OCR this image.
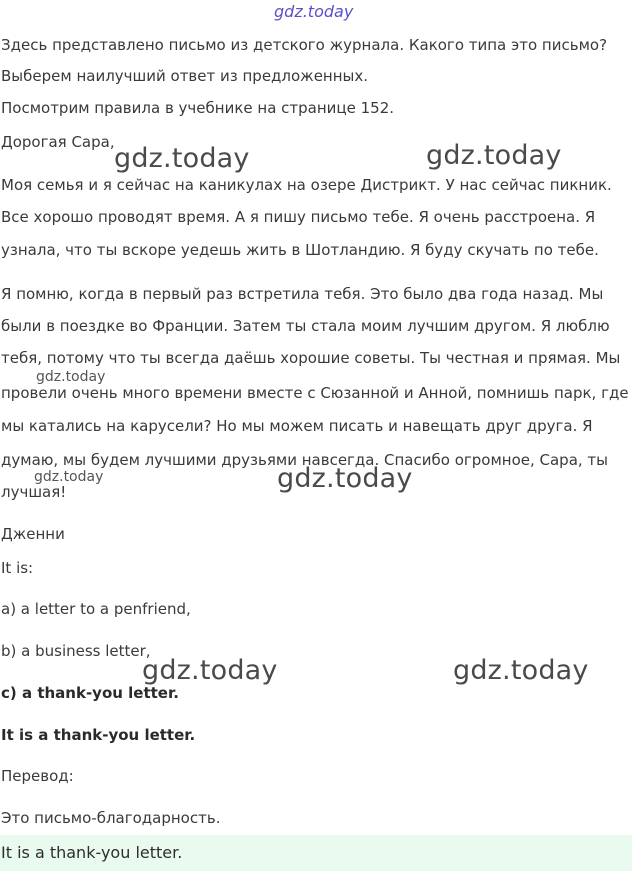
gdz.today
Здесь представлено письмо из детского журнала. Какого типа это письмо?
Выберем наилучший ответ из предложенных.
Посмотрим правила в учебнике на странице 152.
Дорогая Сара,
Моя семья и я сейчас на каникулах на озере Дистрикт. У нас сейчас пикник.
Все хорошо проводят время. А я пишу письмо тебе. Я очень расстроена. Я
узнала, что ты вскоре уедешь жить в Шотландию. Я буду скучать по тебе.
Я помню, когда в первый раз встретила тебя. Это было два года назад. Мы
были в поездке во Франции. Затем ты стала моим лучшим другом. Я люблю
тебя, потому что ты всегда даёшь хорошие советы. Ты честная и прямая. Мы
провели очень много времени вместе с Сюзанной и Анной, помнишь парк, где
мы катались на карусели? Но мы можем писать и навещать друг друга. Я
думаю, мы будем лучшими друзьями навсегда. Спасибо огромное, Сара, ты
лучшая!
Дженни
It is:
a) a letter to a penfriend,
b) a business letter,
c) a thank-you letter.
It is a thank-you letter.
Перевод:
Это письмо-благодарность.
It is a thank-you letter.
gdz.today	gdz.today
gdz.today
gdz.today	gdz.today
gdz.today	gdz.today
